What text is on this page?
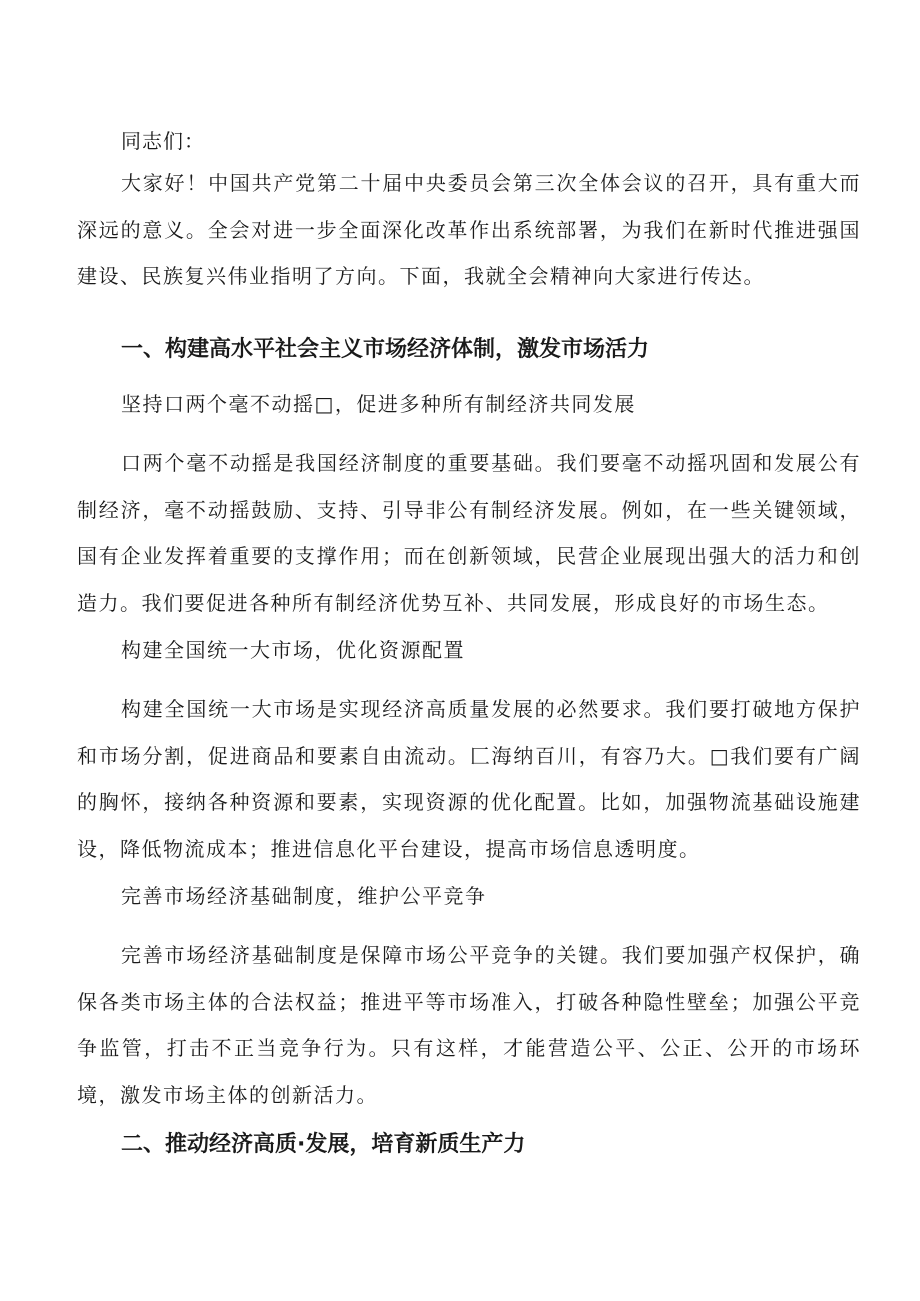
同志们：

大家好！中国共产党第二十届中央委员会第三次全体会议的召开，具有重大而深远的意义。全会对进一步全面深化改革作出系统部署，为我们在新时代推进强国建设、民族复兴伟业指明了方向。下面，我就全会精神向大家进行传达。

一、构建高水平社会主义市场经济体制，激发市场活力
坚持口两个毫不动摇□，促进多种所有制经济共同发展

口两个毫不动摇是我国经济制度的重要基础。我们要毫不动摇巩固和发展公有制经济，毫不动摇鼓励、支持、引导非公有制经济发展。例如，在一些关键领域，国有企业发挥着重要的支撑作用；而在创新领域，民营企业展现出强大的活力和创造力。我们要促进各种所有制经济优势互补、共同发展，形成良好的市场生态。

构建全国统一大市场，优化资源配置

构建全国统一大市场是实现经济高质量发展的必然要求。我们要打破地方保护和市场分割，促进商品和要素自由流动。匚海纳百川，有容乃大。□我们要有广阔的胸怀，接纳各种资源和要素，实现资源的优化配置。比如，加强物流基础设施建设，降低物流成本；推进信息化平台建设，提高市场信息透明度。

完善市场经济基础制度，维护公平竞争

完善市场经济基础制度是保障市场公平竞争的关键。我们要加强产权保护，确保各类市场主体的合法权益；推进平等市场准入，打破各种隐性壁垒；加强公平竞争监管，打击不正当竞争行为。只有这样，才能营造公平、公正、公开的市场环境，激发市场主体的创新活力。

二、推动经济高质·发展，培育新质生产力
